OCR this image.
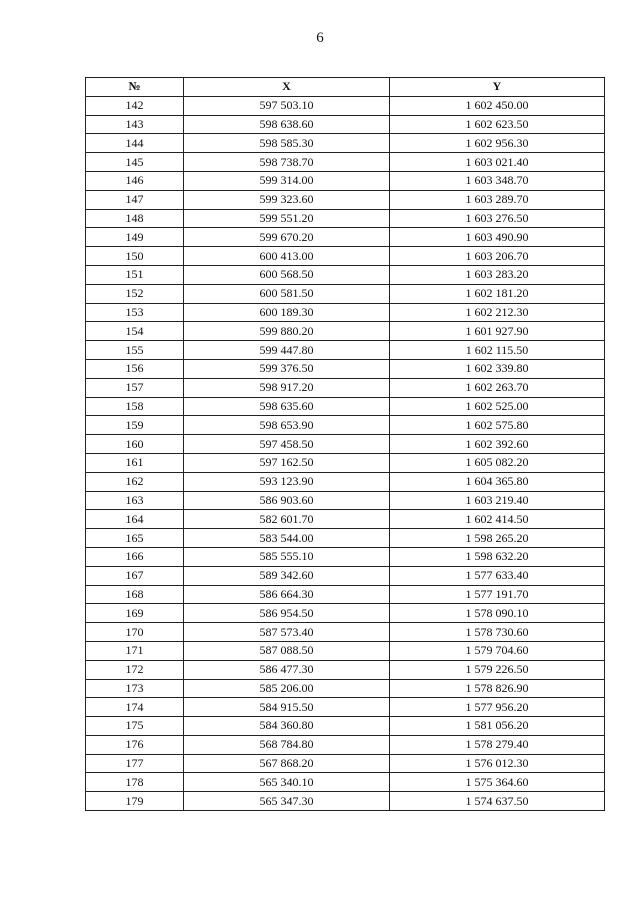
6
№	X	Y
142	597 503.10	1 602 450.00
143	598 638.60	1 602 623.50
144	598 585.30	1 602 956.30
145	598 738.70	1 603 021.40
146	599 314.00	1 603 348.70
147	599 323.60	1 603 289.70
148	599 551.20	1 603 276.50
149	599 670.20	1 603 490.90
150	600 413.00	1 603 206.70
151	600 568.50	1 603 283.20
152	600 581.50	1 602 181.20
153	600 189.30	1 602 212.30
154	599 880.20	1 601 927.90
155	599 447.80	1 602 115.50
156	599 376.50	1 602 339.80
157	598 917.20	1 602 263.70
158	598 635.60	1 602 525.00
159	598 653.90	1 602 575.80
160	597 458.50	1 602 392.60
161	597 162.50	1 605 082.20
162	593 123.90	1 604 365.80
163	586 903.60	1 603 219.40
164	582 601.70	1 602 414.50
165	583 544.00	1 598 265.20
166	585 555.10	1 598 632.20
167	589 342.60	1 577 633.40
168	586 664.30	1 577 191.70
169	586 954.50	1 578 090.10
170	587 573.40	1 578 730.60
171	587 088.50	1 579 704.60
172	586 477.30	1 579 226.50
173	585 206.00	1 578 826.90
174	584 915.50	1 577 956.20
175	584 360.80	1 581 056.20
176	568 784.80	1 578 279.40
177	567 868.20	1 576 012.30
178	565 340.10	1 575 364.60
179	565 347.30	1 574 637.50
